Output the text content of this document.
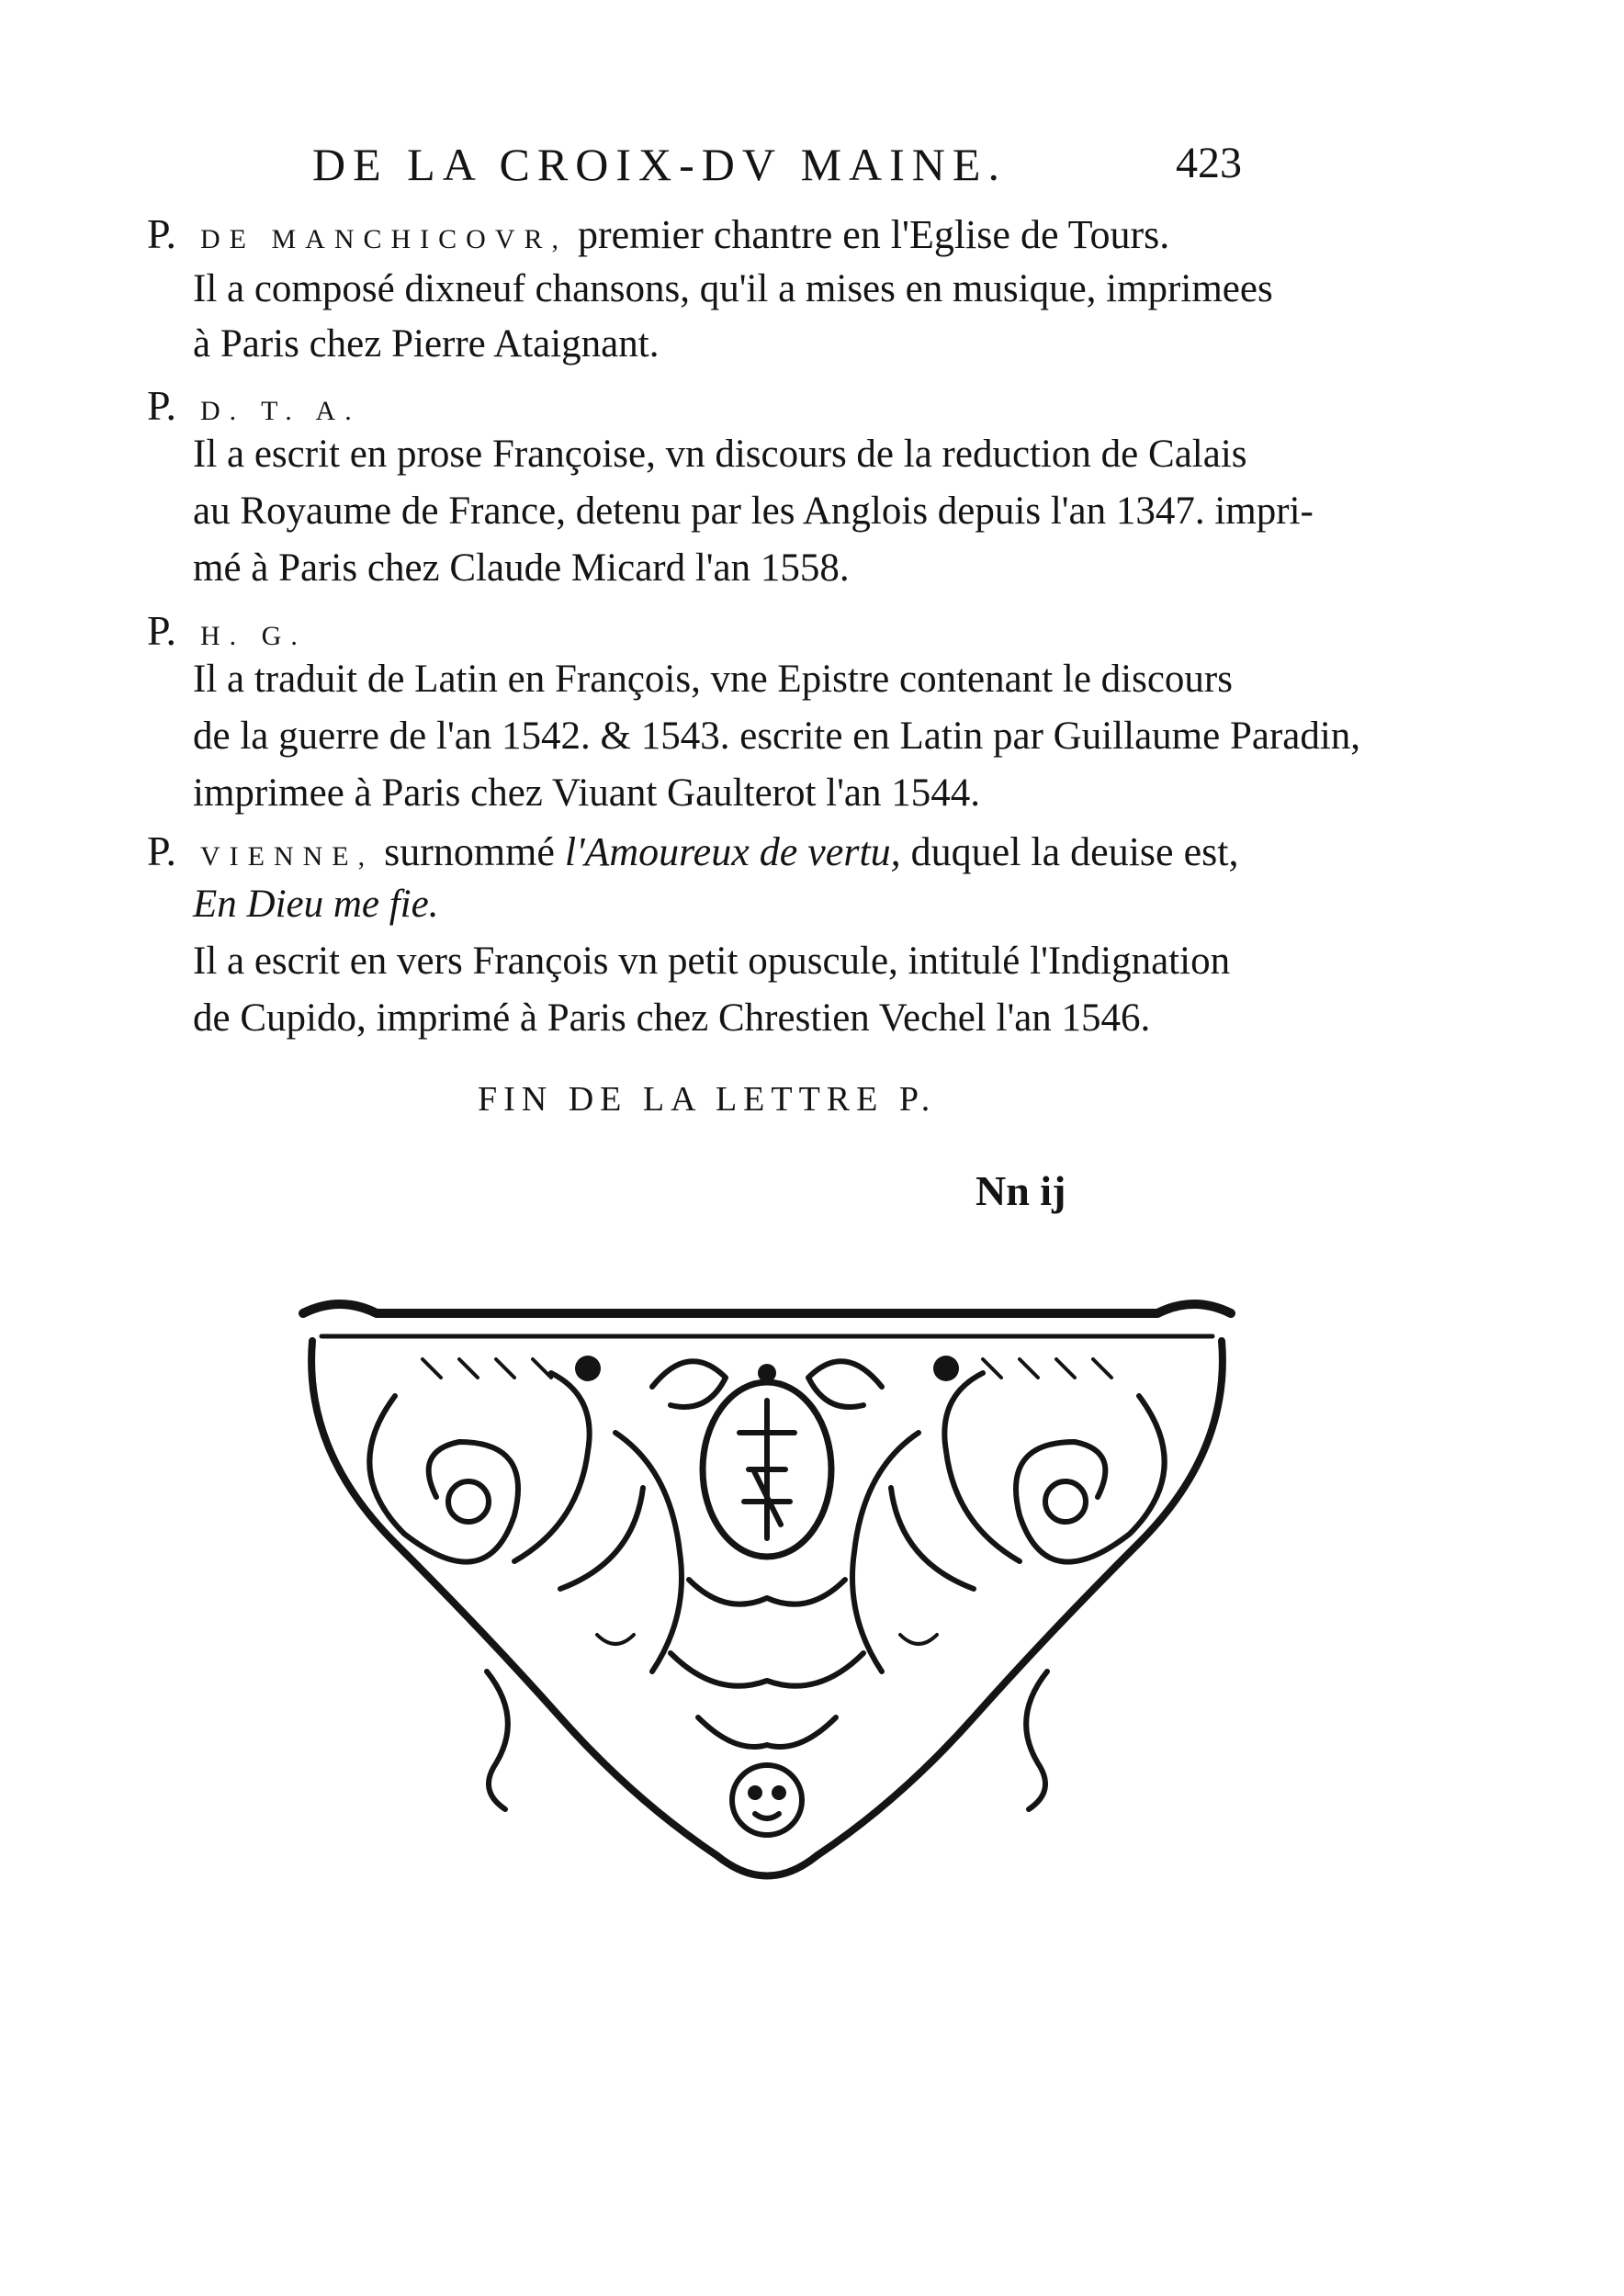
DE LA CROIX-DV MAINE.	423
P. DE MANCHICOVR, premier chantre en l'Eglise de Tours.
Il a composé dixneuf chansons, qu'il a mises en musique, imprimees
à Paris chez Pierre Ataignant.
P. D. T. A.
Il a escrit en prose Françoise, vn discours de la reduction de Calais
au Royaume de France, detenu par les Anglois depuis l'an 1347. impri-
mé à Paris chez Claude Micard l'an 1558.
P. H. G.
Il a traduit de Latin en François, vne Epistre contenant le discours
de la guerre de l'an 1542. & 1543. escrite en Latin par Guillaume Paradin,
imprimee à Paris chez Viuant Gaulterot l'an 1544.
P. VIENNE, surnommé l'Amoureux de vertu, duquel la deuise est,
En Dieu me fie.
Il a escrit en vers François vn petit opuscule, intitulé l'Indignation
de Cupido, imprimé à Paris chez Chrestien Vechel l'an 1546.
FIN DE LA LETTRE P.
Nn ij
